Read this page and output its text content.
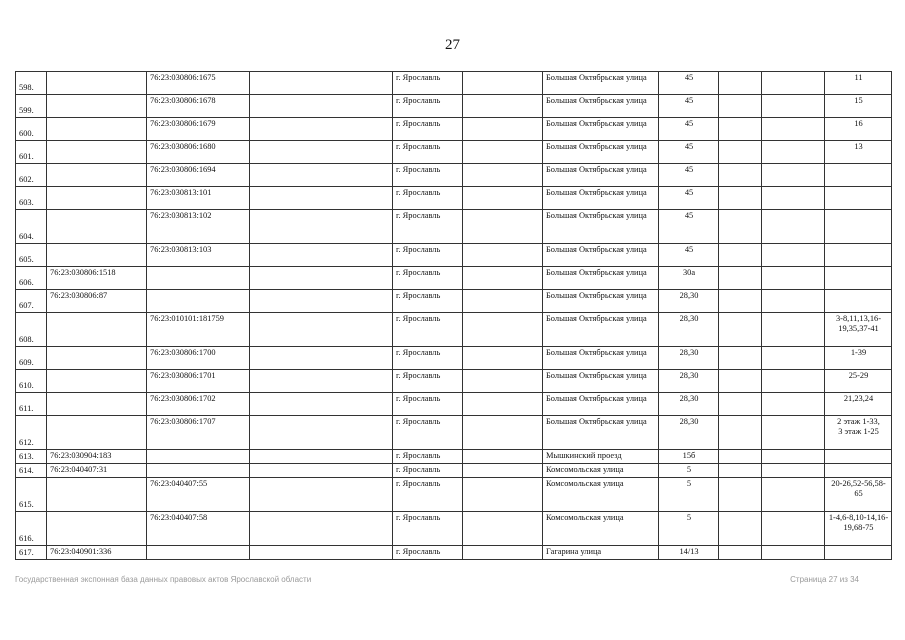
27
598.		76:23:030806:1675		г. Ярославль		Большая Октябрьская улица	45			11
599.		76:23:030806:1678		г. Ярославль		Большая Октябрьская улица	45			15
600.		76:23:030806:1679		г. Ярославль		Большая Октябрьская улица	45			16
601.		76:23:030806:1680		г. Ярославль		Большая Октябрьская улица	45			13
602.		76:23:030806:1694		г. Ярославль		Большая Октябрьская улица	45			
603.		76:23:030813:101		г. Ярославль		Большая Октябрьская улица	45			
604.		76:23:030813:102		г. Ярославль		Большая Октябрьская улица	45			
605.		76:23:030813:103		г. Ярославль		Большая Октябрьская улица	45			
606.	76:23:030806:1518			г. Ярославль		Большая Октябрьская улица	30а			
607.	76:23:030806:87			г. Ярославль		Большая Октябрьская улица	28,30			
608.		76:23:010101:181759		г. Ярославль		Большая Октябрьская улица	28,30			3-8,11,13,16-19,35,37-41
609.		76:23:030806:1700		г. Ярославль		Большая Октябрьская улица	28,30			1-39
610.		76:23:030806:1701		г. Ярославль		Большая Октябрьская улица	28,30			25-29
611.		76:23:030806:1702		г. Ярославль		Большая Октябрьская улица	28,30			21,23,24
612.		76:23:030806:1707		г. Ярославль		Большая Октябрьская улица	28,30			2 этаж 1-33,
3 этаж 1-25
613.	76:23:030904:183			г. Ярославль		Мышкинский проезд	15б			
614.	76:23:040407:31			г. Ярославль		Комсомольская улица	5			
615.		76:23:040407:55		г. Ярославль		Комсомольская улица	5			20-26,52-56,58-65
616.		76:23:040407:58		г. Ярославль		Комсомольская улица	5			1-4,6-8,10-14,16-19,68-75
617.	76:23:040901:336			г. Ярославль		Гагарина улица	14/13			
Государственная экспонная база данных правовых актов Ярославской области	Страница 27 из 34
